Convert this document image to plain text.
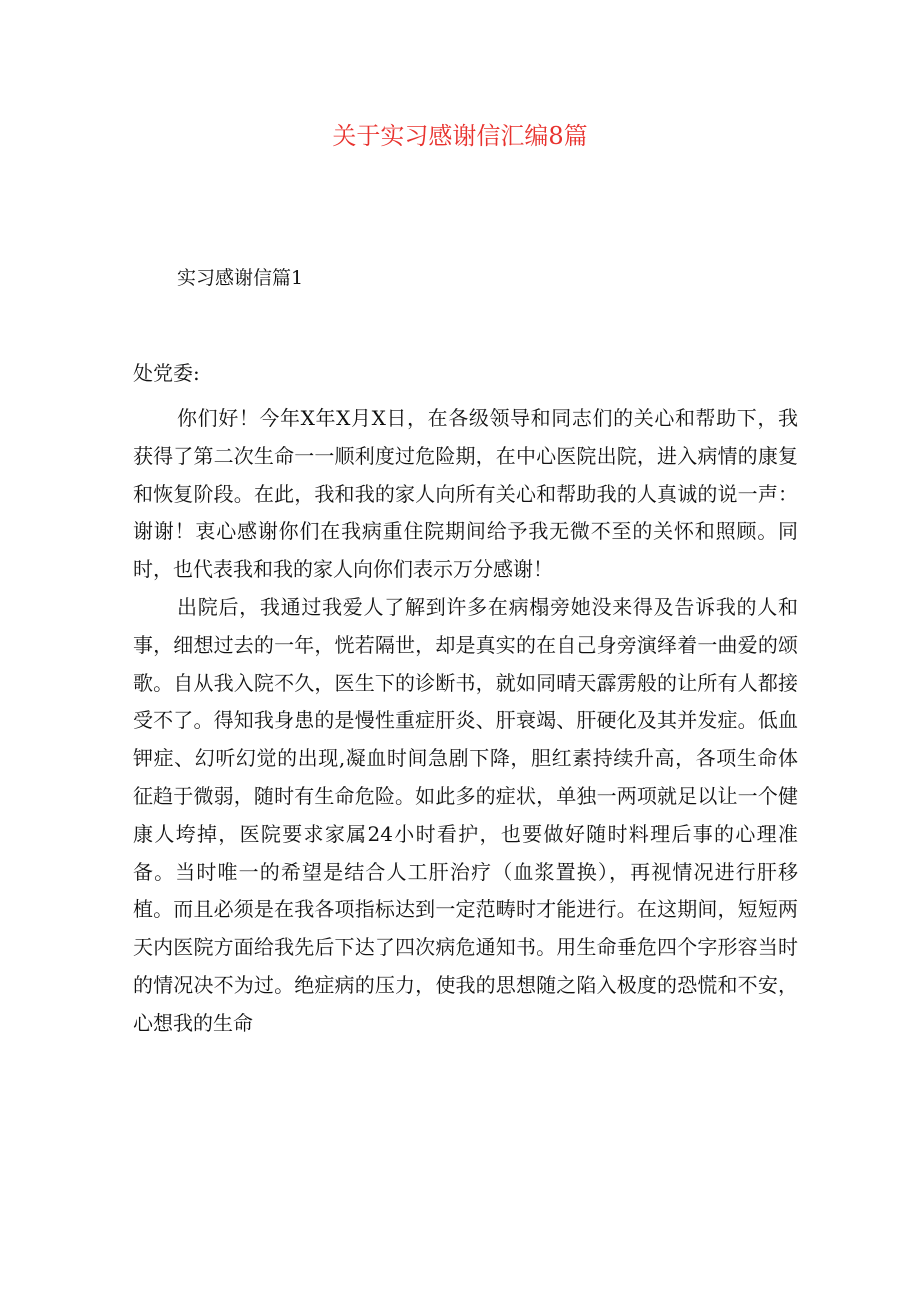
关于实习感谢信汇编8篇
实习感谢信篇1

处党委:

你们好！今年X年X月X日，在各级领导和同志们的关心和帮助下，我获得了第二次生命一一顺利度过危险期，在中心医院出院，进入病情的康复和恢复阶段。在此，我和我的家人向所有关心和帮助我的人真诚的说一声：谢谢！衷心感谢你们在我病重住院期间给予我无微不至的关怀和照顾。同时，也代表我和我的家人向你们表示万分感谢！

出院后，我通过我爱人了解到许多在病榻旁她没来得及告诉我的人和事，细想过去的一年，恍若隔世，却是真实的在自己身旁演绎着一曲爱的颂歌。自从我入院不久，医生下的诊断书，就如同晴天霹雳般的让所有人都接受不了。得知我身患的是慢性重症肝炎、肝衰竭、肝硬化及其并发症。低血钾症、幻听幻觉的出现,凝血时间急剧下降，胆红素持续升高，各项生命体征趋于微弱，随时有生命危险。如此多的症状，单独一两项就足以让一个健康人垮掉，医院要求家属24小时看护，也要做好随时料理后事的心理准备。当时唯一的希望是结合人工肝治疗（血浆置换），再视情况进行肝移植。而且必须是在我各项指标达到一定范畴时才能进行。在这期间，短短两天内医院方面给我先后下达了四次病危通知书。用生命垂危四个字形容当时的情况决不为过。绝症病的压力，使我的思想随之陷入极度的恐慌和不安，心想我的生命
